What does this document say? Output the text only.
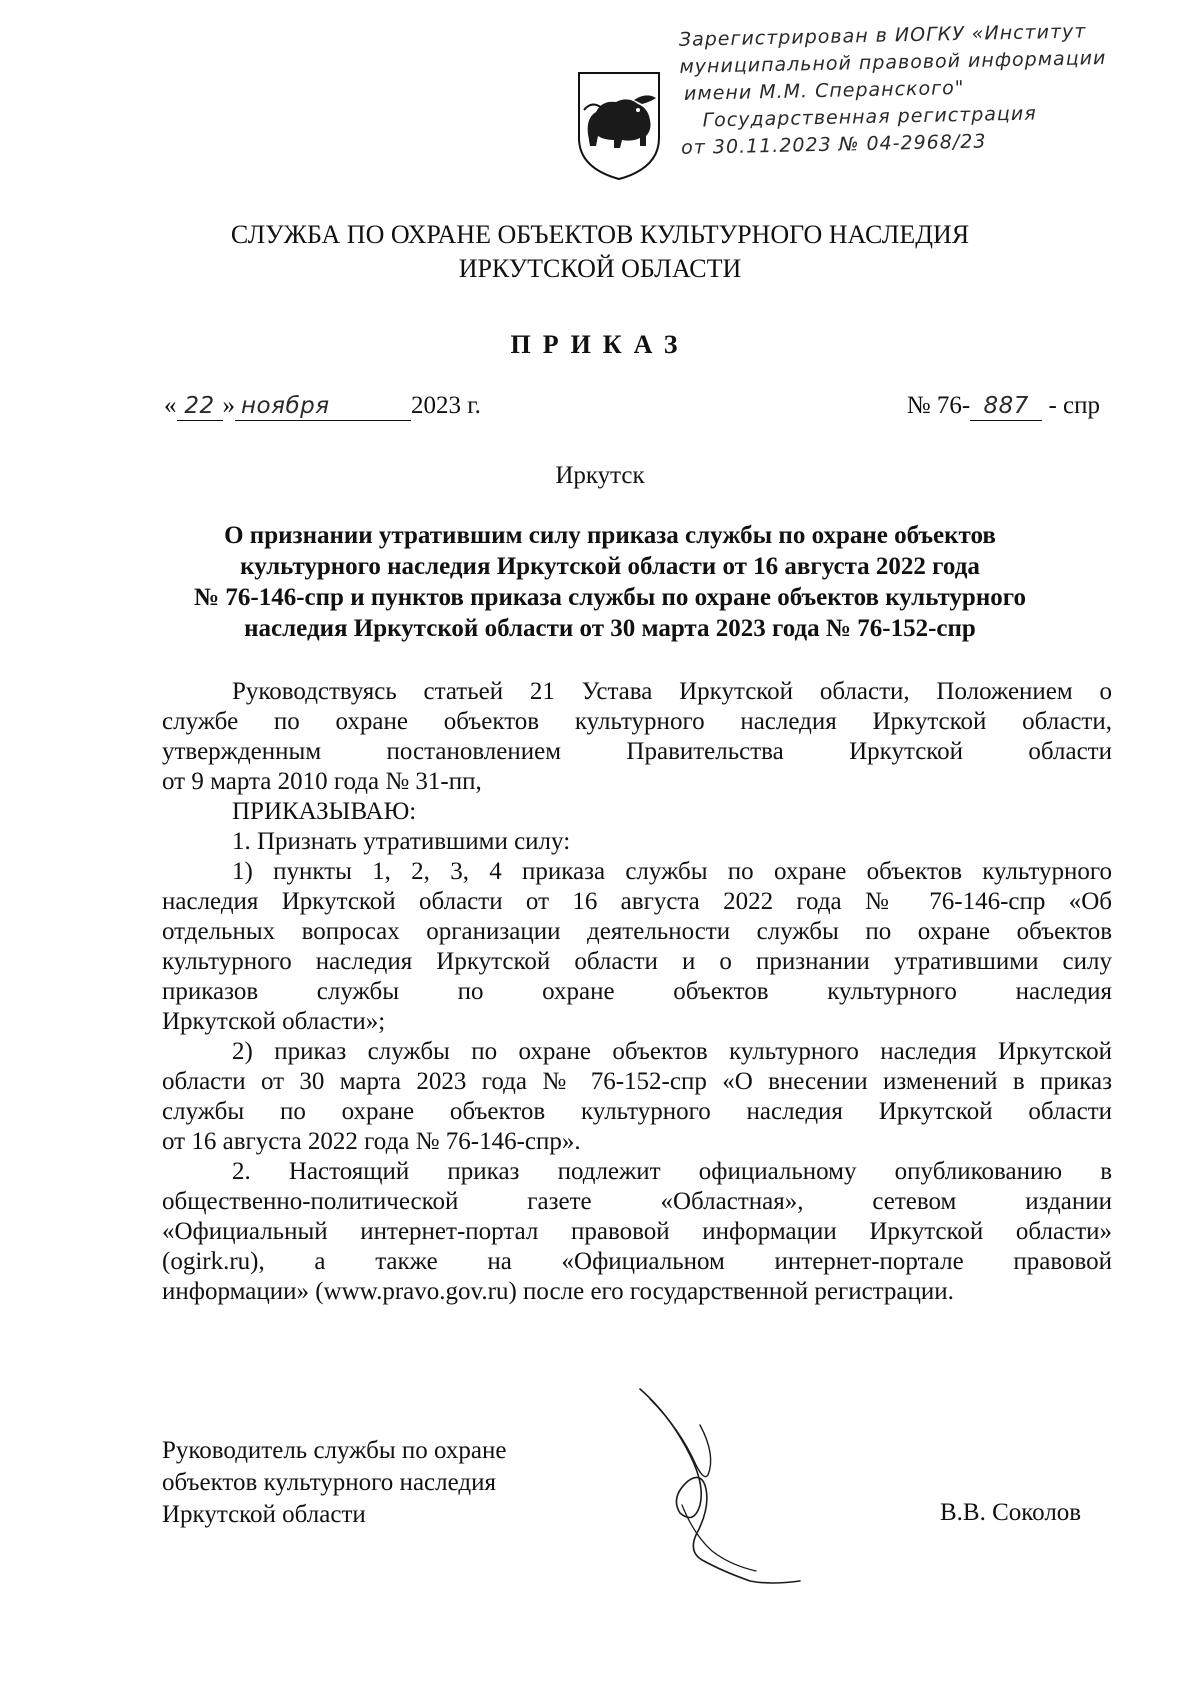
Зарегистрирован в ИОГКУ «Институт
муниципальной правовой информации
имени М.М. Сперанского"
Государственная регистрация
от 30.11.2023 № 04-2968/23
СЛУЖБА ПО ОХРАНЕ ОБЪЕКТОВ КУЛЬТУРНОГО НАСЛЕДИЯ
ИРКУТСКОЙ ОБЛАСТИ
ПРИКАЗ
« 22 » ноября	2023 г.	№ 76- 887 - спр
Иркутск
О признании утратившим силу приказа службы по охране объектов
культурного наследия Иркутской области от 16 августа 2022 года
№ 76-146-спр и пунктов приказа службы по охране объектов культурного
наследия Иркутской области от 30 марта 2023 года № 76-152-спр
Руководствуясь статьей 21 Устава Иркутской области, Положением о
службе по охране объектов культурного наследия Иркутской области,
утвержденным постановлением Правительства Иркутской области
от 9 марта 2010 года № 31-пп,
ПРИКАЗЫВАЮ:
1. Признать утратившими силу:
1) пункты 1, 2, 3, 4 приказа службы по охране объектов культурного
наследия Иркутской области от 16 августа 2022 года № 76-146-спр «Об
отдельных вопросах организации деятельности службы по охране объектов
культурного наследия Иркутской области и о признании утратившими силу
приказов службы по охране объектов культурного наследия
Иркутской области»;
2) приказ службы по охране объектов культурного наследия Иркутской
области от 30 марта 2023 года № 76-152-спр «О внесении изменений в приказ
службы по охране объектов культурного наследия Иркутской области
от 16 августа 2022 года № 76-146-спр».
2. Настоящий приказ подлежит официальному опубликованию в
общественно-политической газете «Областная», сетевом издании
«Официальный интернет-портал правовой информации Иркутской области»
(ogirk.ru), а также на «Официальном интернет-портале правовой
информации» (www.pravo.gov.ru) после его государственной регистрации.
Руководитель службы по охране
объектов культурного наследия
Иркутской области	В.В. Соколов
